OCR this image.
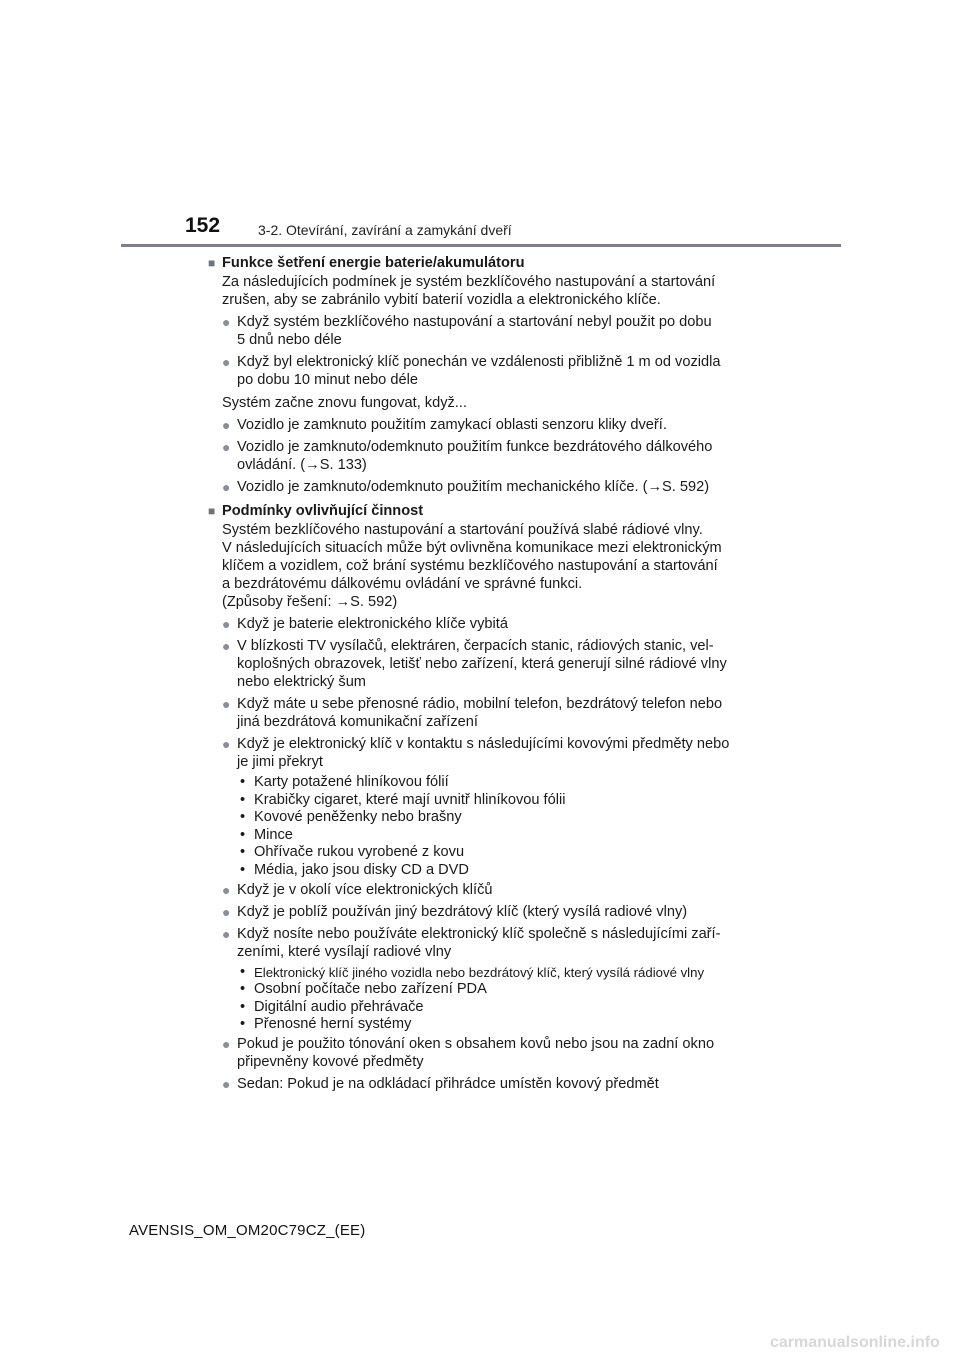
152	3-2. Otevírání, zavírání a zamykání dveří
■ Funkce šetření energie baterie/akumulátoru
Za následujících podmínek je systém bezklíčového nastupování a startování
zrušen, aby se zabránilo vybití baterií vozidla a elektronického klíče.
● Když systém bezklíčového nastupování a startování nebyl použit po dobu
5 dnů nebo déle
● Když byl elektronický klíč ponechán ve vzdálenosti přibližně 1 m od vozidla
po dobu 10 minut nebo déle
Systém začne znovu fungovat, když...
● Vozidlo je zamknuto použitím zamykací oblasti senzoru kliky dveří.
● Vozidlo je zamknuto/odemknuto použitím funkce bezdrátového dálkového
ovládání. (→S. 133)
● Vozidlo je zamknuto/odemknuto použitím mechanického klíče. (→S. 592)
■ Podmínky ovlivňující činnost
Systém bezklíčového nastupování a startování používá slabé rádiové vlny.
V následujících situacích může být ovlivněna komunikace mezi elektronickým
klíčem a vozidlem, což brání systému bezklíčového nastupování a startování
a bezdrátovému dálkovému ovládání ve správné funkci.
(Způsoby řešení: →S. 592)
● Když je baterie elektronického klíče vybitá
● V blízkosti TV vysílačů, elektráren, čerpacích stanic, rádiových stanic, vel-
koplošných obrazovek, letišť nebo zařízení, která generují silné rádiové vlny
nebo elektrický šum
● Když máte u sebe přenosné rádio, mobilní telefon, bezdrátový telefon nebo
jiná bezdrátová komunikační zařízení
● Když je elektronický klíč v kontaktu s následujícími kovovými předměty nebo
je jimi překryt
• Karty potažené hliníkovou fólií
• Krabičky cigaret, které mají uvnitř hliníkovou fólii
• Kovové peněženky nebo brašny
• Mince
• Ohřívače rukou vyrobené z kovu
• Média, jako jsou disky CD a DVD
● Když je v okolí více elektronických klíčů
● Když je poblíž používán jiný bezdrátový klíč (který vysílá radiové vlny)
● Když nosíte nebo používáte elektronický klíč společně s následujícími zaří-
zeními, které vysílají radiové vlny
• Elektronický klíč jiného vozidla nebo bezdrátový klíč, který vysílá rádiové vlny
• Osobní počítače nebo zařízení PDA
• Digitální audio přehrávače
• Přenosné herní systémy
● Pokud je použito tónování oken s obsahem kovů nebo jsou na zadní okno
připevněny kovové předměty
● Sedan: Pokud je na odkládací přihrádce umístěn kovový předmět
AVENSIS_OM_OM20C79CZ_(EE)
carmanualsonline.info
